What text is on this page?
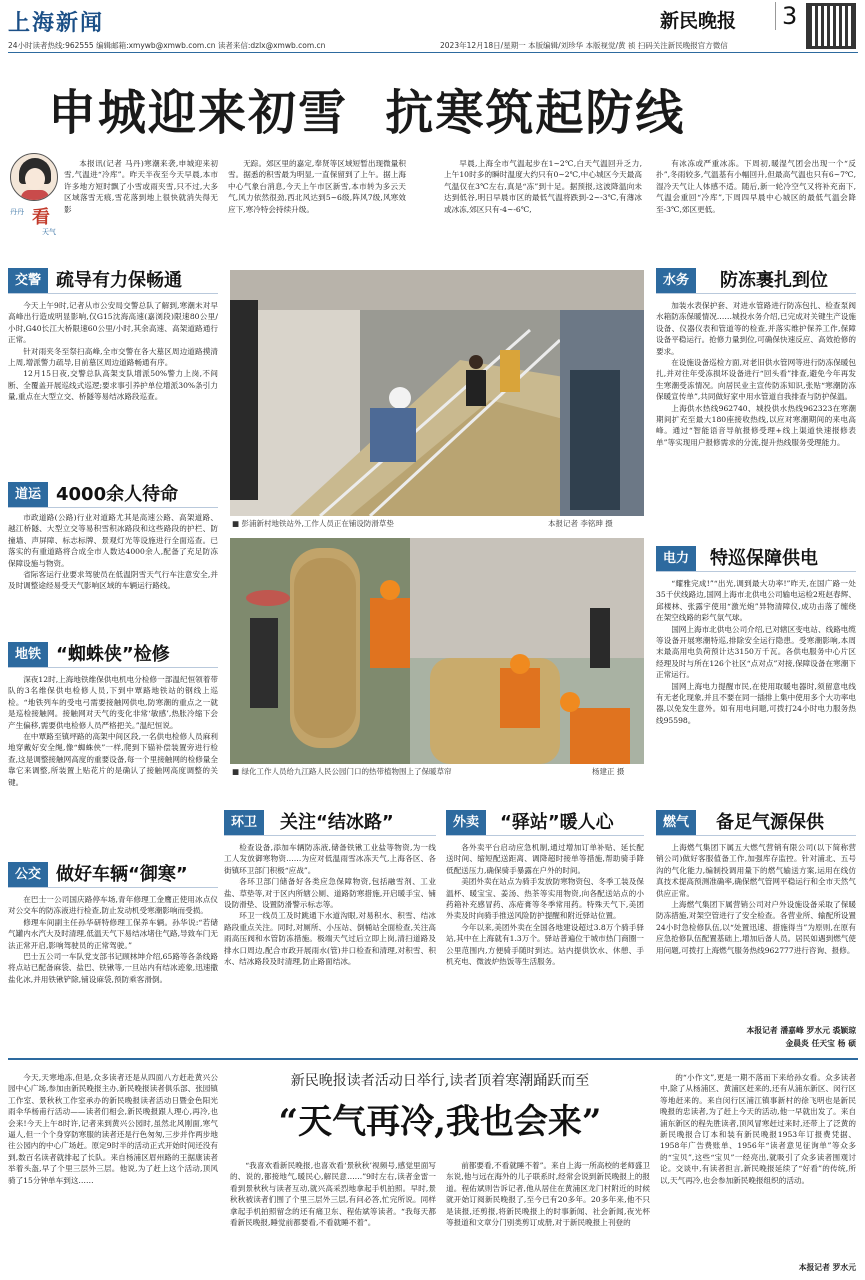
上海新闻	新民晚报 3
24小时读者热线:962555 编辑邮箱:xmywb@xmwb.com.cn 读者来信:dzlx@xmwb.com.cn	2023年12月18日/星期一 本版编辑/刘珍华 本版视觉/黄 祯 扫码关注新民晚报官方微信
申城迎来初雪  抗寒筑起防线
丹丹 看
天气

本报讯(记者 马丹)寒潮来袭,申城迎来初雪,气温进“冷库”。昨天半夜至今天早晨,本市许多地方短时飘了小雪或雨夹雪,只不过,大多区域落雪无痕,雪花落到地上很快就消失得无影

无踪。郊区里的嘉定,奉贤等区域短暂出现微量积雪。据悉的积雪最为明显,一直保留到了上午。据上海中心气象台消息,今天上午市区新雪,本市转为多云天气,风力依然很劲,西北风达到5~6级,阵风7级,风寒效应下,寒冷特会持续升级。

早晨,上海全市气温起步在1~2℃,白天气温回升乏力,上午10时多的瞬时温度大约只有0~2℃,中心城区今天最高气温仅在3℃左右,真是“冻”到十足。据预报,这波降温向未达到低谷,明日早晨市区的最低气温将跌到-2~-3℃,有薄冰或冰冻,郊区只有-4~-6℃,

有冰冻或严重冰冻。下周初,暖湿气团会出现一个“反扑”,冬雨较多,气温基有小幅回升,但最高气温也只有6~7℃,湿冷天气让人体感不适。随后,新一轮冷空气又将补充南下,气温会重回“冷库”,下周四早晨中心城区的最低气温会降至-3℃,郊区更低。

交警 疏导有力保畅通

今天上午9时,记者从市公安局交警总队了解到,寒潮未对早高峰出行造成明显影响,仅G15沈海高速(嘉浏段)限速80公里/小时,G40长江大桥限速60公里/小时,其余高速、高架道路通行正常。

针对雨夹冬至祭扫高峰,全市交警在各大墓区周边道路摸清上周,增派警力疏导,目前墓区周边道路畅通有序。

12月15日夜,交警总队高架支队增派50%警力上岗,不间断、全覆盖开展巡线式巡逻;要求事引养护单位增派30%条引力量,重点在大型立交、桥隧等易结冰路段巡查。

道运 4000余人待命

市政道路(公路)行业对道路尤其是高速公路、高架道路、越江桥隧、大型立交等易积雪积冰路段和这些路段的护栏、防撞墙、声屏障、标志标牌、景观灯光等设施进行全面巡查。已落实的有重道路将合成全市人数达4000余人,配备了充足防冻保障设施与物资。

省际客运行业要求驾驶员在低温阴雪天气行车注意安全,并及时调整途经易受天气影响区域的车辆运行路线。

地铁 “蜘蛛侠”检修

深夜12时,上海地铁维保供电机电分检修一部温纪恒领着带队的3名维保供电检修人员,下到中覃路地铁站的钢线上巡检。“地铁列车的受电弓需要接触网供电,防寒潮的重点之一就是巡检接触网。接触网对天气的变化非常‘敏感’,热胀冷缩下会产生偏移,需要供电检修人员严格把关。”温纪恒说。

在中覃路至镇坪路的高架中间区段,一名供电检修人员麻利地穿戴好安全绳,像“蜘蛛侠”一样,爬到下锚补偿装置旁进行检查,这是调整接触网高度的重要设备,每一个里接触网的检修量全靠它来调整,所装置上贴花片的是确认了接触网高度调整的关键。

公交 做好车辆“御寒”

在巴士一公司国庆路停车场,青年修理工金鹰正使用冰点仪对公交车的防冻液进行检查,防止发动机受寒潮影响而受损。

修理车间副主任孙华研特修理工保养车辆。孙华说:“若储气罐内水汽大及时清理,低温天气下易结冰堵住气路,导致车门无法正常开启,影响驾驶员的正常驾驶。”

巴士五公司一车队党支部书记顾林坤介绍,65路等各条线路将点站已配备麻袋、盐巴、铁锹等,一旦站内有结冰迹象,迅速撒盐化冰,并用铁锹铲除,铺设麻袋,预防乘客滑倒。

■ 彭浦新村地铁站外,工作人员正在铺设防滑草垫	本报记者 李铭珅 摄
■ 绿化工作人员给九江路人民公园门口的热带植物围上了保暖草帘	杨建正 摄
环卫	关注“结冰路”

检查设备,添加车辆防冻液,储备铁锹工业盐等物资,为一线工人发放御寒物资……为应对低温雨雪冰冻天气,上海各区、各街镇环卫部门积极“应战”。

各环卫部门储备好各类应急保障物资,包括融雪剂、工业盐、草垫等,对于区内所辖公厕、道路防寒措施,开启暖手宝、铺设防滑垫、设置防滑警示标志等。

环卫一线员工及时跳通下水道沟眼,对易积水、积雪、结冰路段重点关注。同时,对厕所、小压站、倒桶站全面检查,关注高雨高压阀和水管防冻措施。极端天气过后立即上岗,清扫道路及排水口周边,配合市政开展雨水(管)井口检查和清理,对积雪、积水、结冰路段及时清理,防止路面结冰。

外卖	“驿站”暖人心

各外卖平台启动应急机制,通过增加订单补贴、延长配送时间、缩短配送距离、调降超时接单等措施,帮助骑手降低配送压力,确保骑手暴露在户外的时间。

美团外卖在站点为骑手发放防寒物资包、冬季工装及保温杯、暖宝宝、姜汤、热茶等实用物资,向各配送站点的小药箱补充感冒药、冻疮膏等冬季常用药。特殊天气下,美团外卖及时向骑手推送风险防护提醒和附近驿站位置。

今年以来,美团外卖在全国各地建设超过3.8万个骑手驿站,其中在上海就有1.3万个。驿站普遍位于城市热门商圈一公里范围内,方便骑手随时到达。站内提供饮水、休憩、手机充电、微波炉热饭等生活服务。

水务	防冻裹扎到位

加装水表保护套、对进水管路进行防冻包扎、检查泵阀水箱防冻保暖情况……城投水务介绍,已完成对关键生产设施设备、仪器仪表和管道等的检查,并落实维护保养工作,保障设备平稳运行。抢修力量到位,可确保快速反应、高效抢修的要求。

在设施设备巡检方面,对老旧供水管网等进行防冻保暖包扎,并对往年受冻损坏设备进行“回头看”排查,避免今年再发生寒潮受冻情况。向居民业主宣传防冻知识,张贴“寒潮防冻保暖宣传单”,共同做好家中用水管道自我排查与防护保温。

上海供水热线962740、城投供水热线962323在寒潮期间扩充至最大180座接收热线,以应对寒潮期间的来电高峰。通过“智能语音导航报修受理+线上渠道快速报修表单”等实现用户报修需求的分流,提升热线服务受理能力。

电力	特巡保障供电

“耀雅完成!”“出光,调到最大功率!”昨天,在国广路一处35千伏线路边,国网上海市北供电公司输电运检2班赵春辉、邱楼林、张露宇使用“激光炮”异物清障仪,成功击落了缠绕在架空线路的彩气氛气球。

国网上海市北供电公司介绍,已对辖区变电站、线路电缆等设备开展寒潮特巡,排除安全运行隐患。受寒潮影响,本周末最高用电负荷预计达3150万千瓦。各供电服务中心片区经理及时与所在126个社区“点对点”对接,保障设备在寒潮下正常运行。

国网上海电力提醒市民,在使用取暖电器时,须留意电线有无老化现象,并且不要在同一插排上集中使用多个大功率电器,以免发生意外。如有用电问题,可拨打24小时电力服务热线95598。

燃气	备足气源保供

上海燃气集团下属五大燃气营销有限公司(以下简称营销公司)做好客服值备工作,加强库存监控。针对浦北、五号沟的气化能力,编制投调用量下的燃气输送方案,运用在线仿真技术提高预测准确率,确保燃气管网平稳运行和全市天然气供应正常。

上海燃气集团下属营销公司对户外设施设备采取了保暖防冻措施,对架空管进行了安全检查。各营业所、输配所设置24小时急检修队伍,以“处置迅速、措施得当”为原则,在原有应急抢修队伍配置基础上,增加后备人员。居民如遇到燃气使用问题,可拨打上海燃气服务热线962777进行咨询、报修。

本报记者 潘嘉峰 罗水元 裘颖琼
金晨炎 任天宝 杨 硕

今天,天寒地冻,但是,众多读者还是从四面八方赶赴黄兴公园中心广场,参加由新民晚报主办,新民晚报读者俱乐部、张园镇工作室、景秋秋工作室承办的新民晚报读者活动日暨金色阳光雨伞华杨甫行活动——读者们相会,新民晚报跟人理心,再冷,也会来!今天上午8时许,记者来到黄兴公园时,虽然北风刚面,寒气逼人,但一个个身穿防寒服的读者还是行色匆匆,三步并作两步地往公园内的中心广场赶。原定9时半的活动正式开始时间还没有到,数百名读者就排起了长队。来自杨浦区眉州路的王据康读者举着头盔,早了个里三层外三层。他说,为了赶上这个活动,顶风骑了15分钟单车到这……

新民晚报读者活动日举行,读者顶着寒潮踊跃而至
“天气再冷,我也会来”

“我喜欢看新民晚报,也喜欢看‘景秋秋’视频号,感觉里面写的、说的,都接地气,暖民心,解民意……”9时左右,读者金雷一看到景秋秋与读者互动,就兴高采烈地拿起手机拍照。早时,景秋秋被读者们围了个里三层外三层,有问必答,忙完所说。同样拿起手机拍照留念的还有痛卫东、程佑斌等读者。“我每天都看新民晚报,睡觉前都要看,不看就睡不着”。

前都要看,不看就睡不着”。来自上海一所高校的老师盛卫东说,他与远在海外的儿子联系时,经常会说到新民晚报上的报道。程佑斌则告诉记者,他从居住在黄浦区龙门村附近的时候就开始订阅新民晚报了,至今已有20多年。20多年来,他不只是读报,还剪报,将新民晚报上的时事新闻、社会新闻,夜光杯等报道和文章分门别类剪订成册,对于新民晚报上刊登的

的“小作文”,更是一期不落而下来给孙女看。众多读者中,除了从杨浦区、黄浦区赶来的,还有从浦东新区、闵行区等地赶来的。来自闵行区浦江镇事新村的徐飞明也是新民晚报的忠读者,为了赶上今天的活动,他一早就出发了。来自浦东新区的程先胜读者,顶风冒寒赶过来时,还带上了泛黄的新民晚报合订本和装有新民晚报1953年订报费凭据、1958年广告费账单、1956年“读者意见征询单”等众多的“宝贝”,这些“宝贝”一经亮出,就吸引了众多读者围观讨论。交谈中,有读者担言,新民晚报延续了“好看”的传统,所以,天气再冷,也会参加新民晚报组织的活动。

本报记者 罗水元
